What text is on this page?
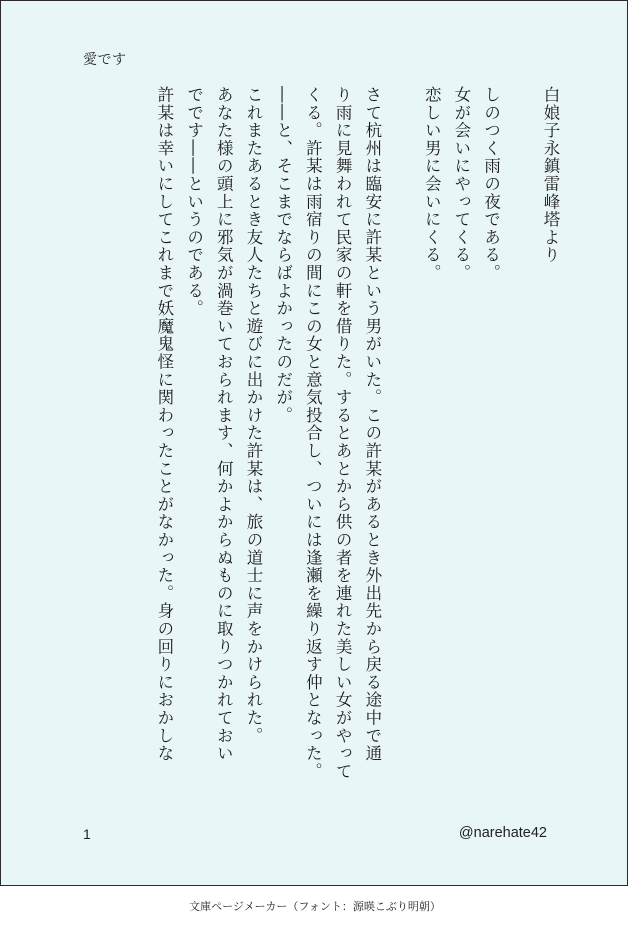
愛です
白娘子永鎮雷峰塔より
しのつく雨の夜である。
女が会いにやってくる。
恋しい男に会いにくる。
さて杭州は臨安に許某という男がいた。この許某があるとき外出先から戻る途中で通
り雨に見舞われて民家の軒を借りた。するとあとから供の者を連れた美しい女がやって
くる。許某は雨宿りの間にこの女と意気投合し、ついには逢瀬を繰り返す仲となった。
――と、そこまでならばよかったのだが。
これまたあるとき友人たちと遊びに出かけた許某は、旅の道士に声をかけられた。
あなた様の頭上に邪気が渦巻いておられます、何かよからぬものに取りつかれておい
でです――というのである。
許某は幸いにしてこれまで妖魔鬼怪に関わったことがなかった。身の回りにおかしな
1	@narehate42
文庫ページメーカー（フォント：源暎こぶり明朝）
